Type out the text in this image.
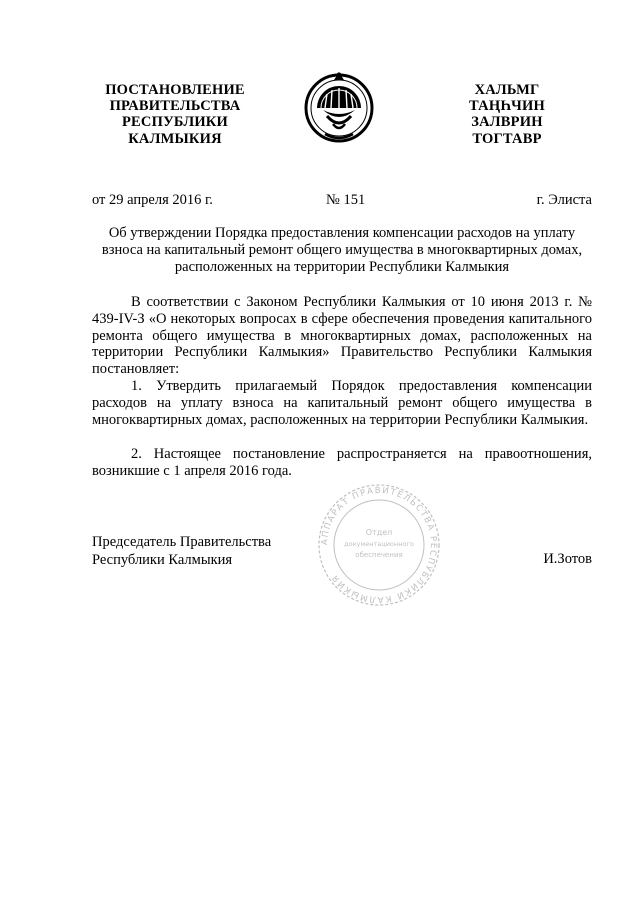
ПОСТАНОВЛЕНИЕ
ПРАВИТЕЛЬСТВА
РЕСПУБЛИКИ
КАЛМЫКИЯ
ХАЛЬМГ
ТАҢҺЧИН
ЗАЛВРИН
ТОГТАВР
от 29 апреля 2016 г.	№ 151	г. Элиста
Об утверждении Порядка предоставления компенсации расходов на уплату взноса на капитальный ремонт общего имущества в многоквартирных домах, расположенных на территории Республики Калмыкия

В соответствии с Законом Республики Калмыкия от 10 июня 2013 г. № 439-IV-З «О некоторых вопросах в сфере обеспечения проведения капитального ремонта общего имущества в многоквартирных домах, расположенных на территории Республики Калмыкия» Правительство Республики Калмыкия постановляет:

1. Утвердить прилагаемый Порядок предоставления компенсации расходов на уплату взноса на капитальный ремонт общего имущества в многоквартирных домах, расположенных на территории Республики Калмыкия.

2. Настоящее постановление распространяется на правоотношения, возникшие с 1 апреля 2016 года.

АППАРАТ ПРАВИТЕЛЬСТВА РЕСПУБЛИКИ КАЛМЫКИЯ
Отдел
документационного
обеспечения
Председатель Правительства
Республики Калмыкия	И.Зотов
